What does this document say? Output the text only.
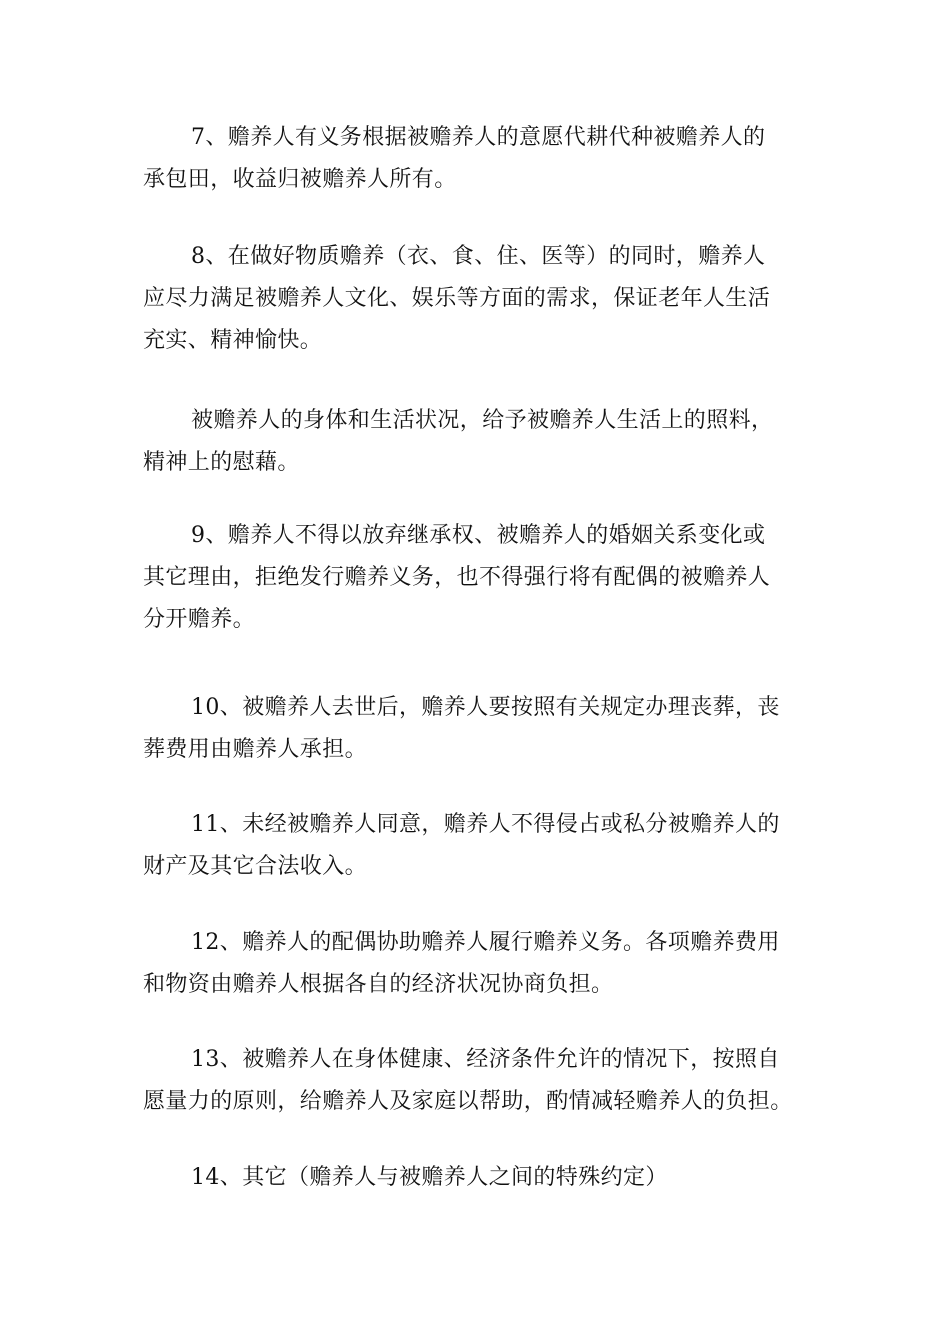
7、赡养人有义务根据被赡养人的意愿代耕代种被赡养人的
承包田，收益归被赡养人所有。

8、在做好物质赡养（衣、食、住、医等）的同时，赡养人
应尽力满足被赡养人文化、娱乐等方面的需求，保证老年人生活
充实、精神愉快。

被赡养人的身体和生活状况，给予被赡养人生活上的照料，
精神上的慰藉。

9、赡养人不得以放弃继承权、被赡养人的婚姻关系变化或
其它理由，拒绝发行赡养义务，也不得强行将有配偶的被赡养人
分开赡养。

10、被赡养人去世后，赡养人要按照有关规定办理丧葬，丧
葬费用由赡养人承担。

11、未经被赡养人同意，赡养人不得侵占或私分被赡养人的
财产及其它合法收入。

12、赡养人的配偶协助赡养人履行赡养义务。各项赡养费用
和物资由赡养人根据各自的经济状况协商负担。

13、被赡养人在身体健康、经济条件允许的情况下，按照自
愿量力的原则，给赡养人及家庭以帮助，酌情减轻赡养人的负担。

14、其它（赡养人与被赡养人之间的特殊约定）
